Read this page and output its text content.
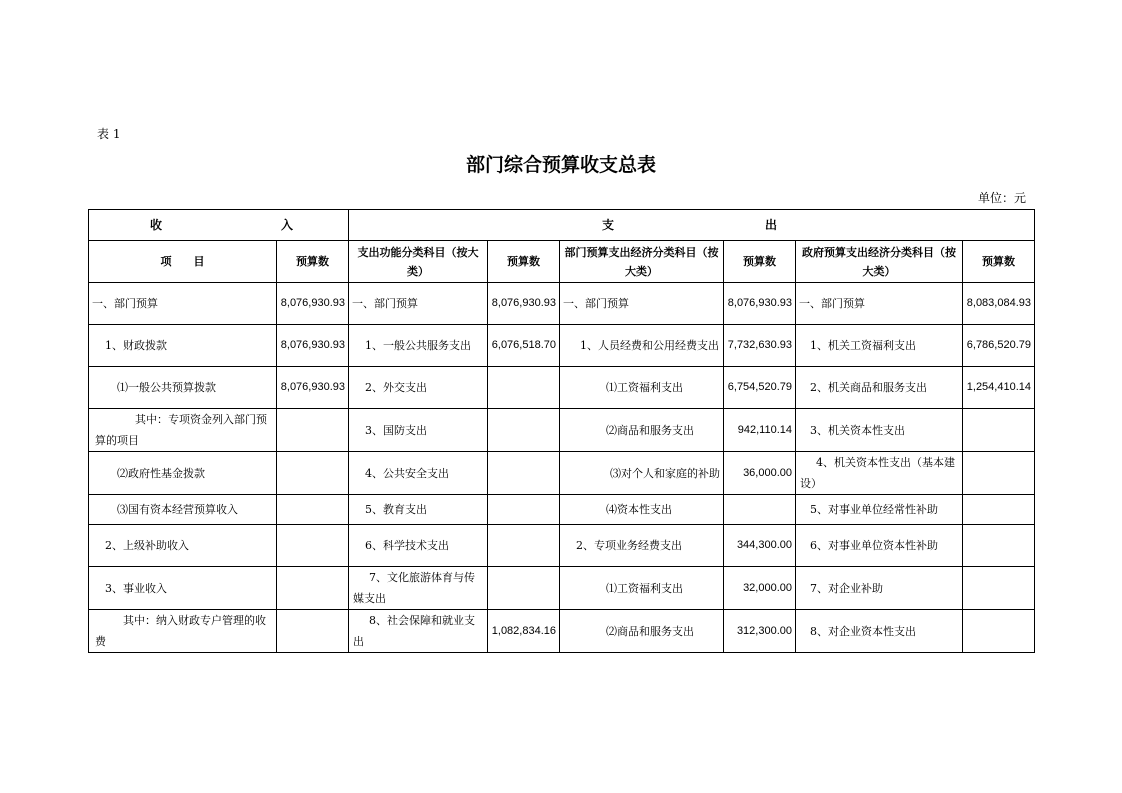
表 1
部门综合预算收支总表
单位：元
收 入		支 出					

项　　目	预算数	支出功能分类科目（按大类）	预算数	部门预算支出经济分类科目（按大类）	预算数	政府预算支出经济分类科目（按大类）	预算数
一、部门预算	8,076,930.93	一、部门预算	8,076,930.93	一、部门预算	8,076,930.93	一、部门预算	8,083,084.93
1、财政拨款	8,076,930.93	1、一般公共服务支出	6,076,518.70	1、人员经费和公用经费支出	7,732,630.93	1、机关工资福利支出	6,786,520.79
⑴一般公共预算拨款	8,076,930.93	2、外交支出		⑴工资福利支出	6,754,520.79	2、机关商品和服务支出	1,254,410.14
其中：专项资金列入部门预算的项目		3、国防支出		⑵商品和服务支出	942,110.14	3、机关资本性支出	
⑵政府性基金拨款		4、公共安全支出		⑶对个人和家庭的补助	36,000.00	4、机关资本性支出（基本建设）	
⑶国有资本经营预算收入		5、教育支出		⑷资本性支出		5、对事业单位经常性补助	
2、上级补助收入		6、科学技术支出		2、专项业务经费支出	344,300.00	6、对事业单位资本性补助	
3、事业收入		7、文化旅游体育与传媒支出		⑴工资福利支出	32,000.00	7、对企业补助	
其中：纳入财政专户管理的收费		8、社会保障和就业支出	1,082,834.16	⑵商品和服务支出	312,300.00	8、对企业资本性支出	
